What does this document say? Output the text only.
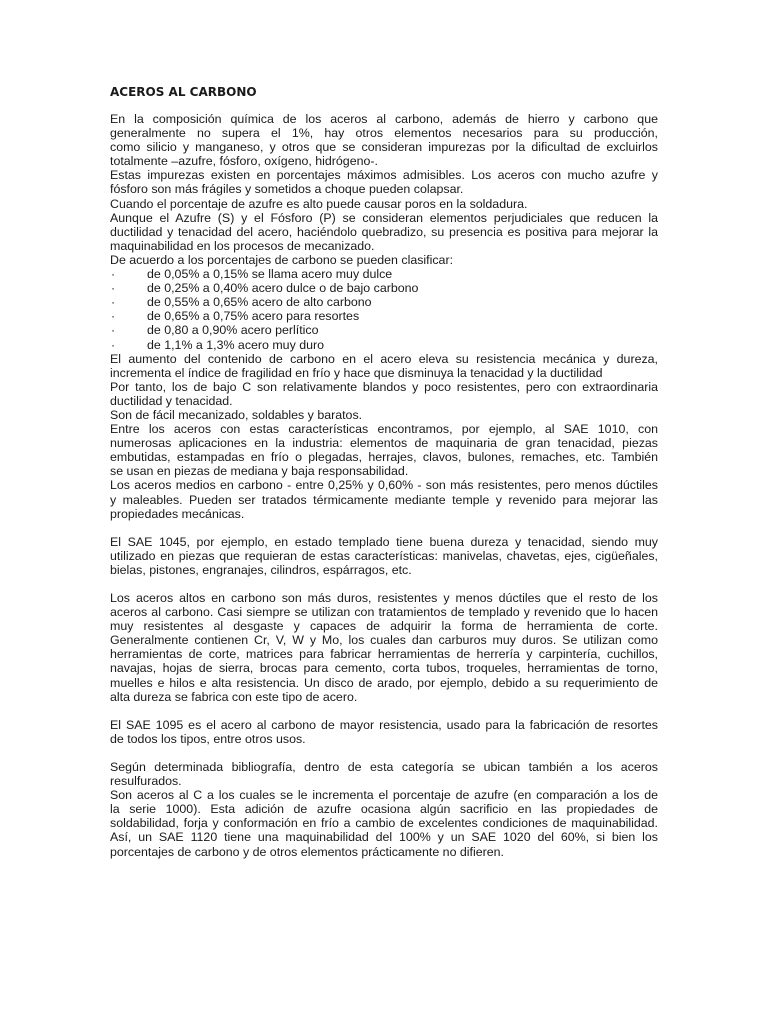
ACEROS AL CARBONO
En la composición química de los aceros al carbono, además de hierro y carbono que
generalmente no supera el 1%, hay otros elementos necesarios para su producción,
como silicio y manganeso, y otros que se consideran impurezas por la dificultad de excluirlos
totalmente –azufre, fósforo, oxígeno, hidrógeno-.
Estas impurezas existen en porcentajes máximos admisibles. Los aceros con mucho azufre y
fósforo son más frágiles y sometidos a choque pueden colapsar.
Cuando el porcentaje de azufre es alto puede causar poros en la soldadura.
Aunque el Azufre (S) y el Fósforo (P) se consideran elementos perjudiciales que reducen la
ductilidad y tenacidad del acero, haciéndolo quebradizo, su presencia es positiva para mejorar la
maquinabilidad en los procesos de mecanizado.
De acuerdo a los porcentajes de carbono se pueden clasificar:
·	de 0,05% a 0,15% se llama acero muy dulce
·	de 0,25% a 0,40% acero dulce o de bajo carbono
·	de 0,55% a 0,65% acero de alto carbono
·	de 0,65% a 0,75% acero para resortes
·	de 0,80 a 0,90% acero perlítico
·	de 1,1% a 1,3% acero muy duro
El aumento del contenido de carbono en el acero eleva su resistencia mecánica y dureza,
incrementa el índice de fragilidad en frío y hace que disminuya la tenacidad y la ductilidad
Por tanto, los de bajo C son relativamente blandos y poco resistentes, pero con extraordinaria
ductilidad y tenacidad.
Son de fácil mecanizado, soldables y baratos.
Entre los aceros con estas características encontramos, por ejemplo, al SAE 1010, con
numerosas aplicaciones en la industria: elementos de maquinaria de gran tenacidad, piezas
embutidas, estampadas en frío o plegadas, herrajes, clavos, bulones, remaches, etc. También
se usan en piezas de mediana y baja responsabilidad.
Los aceros medios en carbono - entre 0,25% y 0,60% - son más resistentes, pero menos dúctiles
y maleables. Pueden ser tratados térmicamente mediante temple y revenido para mejorar las
propiedades mecánicas.
El SAE 1045, por ejemplo, en estado templado tiene buena dureza y tenacidad, siendo muy
utilizado en piezas que requieran de estas características: manivelas, chavetas, ejes, cigüeñales,
bielas, pistones, engranajes, cilindros, espárragos, etc.
Los aceros altos en carbono son más duros, resistentes y menos dúctiles que el resto de los
aceros al carbono. Casi siempre se utilizan con tratamientos de templado y revenido que lo hacen
muy resistentes al desgaste y capaces de adquirir la forma de herramienta de corte.
Generalmente contienen Cr, V, W y Mo, los cuales dan carburos muy duros. Se utilizan como
herramientas de corte, matrices para fabricar herramientas de herrería y carpintería, cuchillos,
navajas, hojas de sierra, brocas para cemento, corta tubos, troqueles, herramientas de torno,
muelles e hilos e alta resistencia. Un disco de arado, por ejemplo, debido a su requerimiento de
alta dureza se fabrica con este tipo de acero.
El SAE 1095 es el acero al carbono de mayor resistencia, usado para la fabricación de resortes
de todos los tipos, entre otros usos.
Según determinada bibliografía, dentro de esta categoría se ubican también a los aceros
resulfurados.
Son aceros al C a los cuales se le incrementa el porcentaje de azufre (en comparación a los de
la serie 1000). Esta adición de azufre ocasiona algún sacrificio en las propiedades de
soldabilidad, forja y conformación en frío a cambio de excelentes condiciones de maquinabilidad.
Así, un SAE 1120 tiene una maquinabilidad del 100% y un SAE 1020 del 60%, si bien los
porcentajes de carbono y de otros elementos prácticamente no difieren.
